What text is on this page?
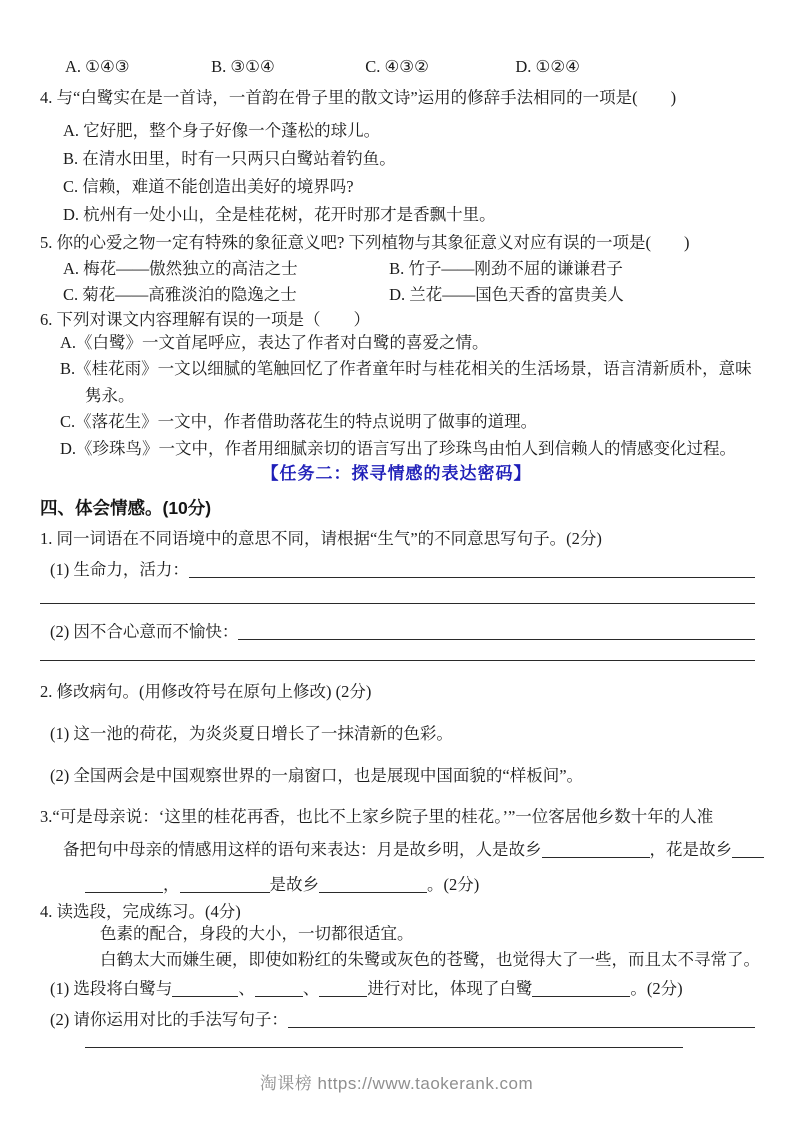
A. ①④③	B. ③①④	C. ④③②	D. ①②④
4. 与“白鹭实在是一首诗，一首韵在骨子里的散文诗”运用的修辞手法相同的一项是(　　)
A. 它好肥，整个身子好像一个蓬松的球儿。
B. 在清水田里，时有一只两只白鹭站着钓鱼。
C. 信赖，难道不能创造出美好的境界吗?
D. 杭州有一处小山，全是桂花树，花开时那才是香飘十里。
5. 你的心爱之物一定有特殊的象征意义吧? 下列植物与其象征意义对应有误的一项是(　　)
A. 梅花——傲然独立的高洁之士	B. 竹子——刚劲不屈的谦谦君子
C. 菊花——高雅淡泊的隐逸之士	D. 兰花——国色天香的富贵美人
6. 下列对课文内容理解有误的一项是（　　）
A.《白鹭》一文首尾呼应，表达了作者对白鹭的喜爱之情。
B.《桂花雨》一文以细腻的笔触回忆了作者童年时与桂花相关的生活场景，语言清新质朴，意味
隽永。
C.《落花生》一文中，作者借助落花生的特点说明了做事的道理。
D.《珍珠鸟》一文中，作者用细腻亲切的语言写出了珍珠鸟由怕人到信赖人的情感变化过程。
【任务二：探寻情感的表达密码】
四、体会情感。(10分)
1. 同一词语在不同语境中的意思不同，请根据“生气”的不同意思写句子。(2分)
(1) 生命力，活力：
(2) 因不合心意而不愉快：
2. 修改病句。(用修改符号在原句上修改) (2分)
(1) 这一池的荷花，为炎炎夏日增长了一抹清新的色彩。
(2) 全国两会是中国观察世界的一扇窗口，也是展现中国面貌的“样板间”。
3.“可是母亲说：‘这里的桂花再香，也比不上家乡院子里的桂花。’”一位客居他乡数十年的人准
备把句中母亲的情感用这样的语句来表达：月是故乡明，人是故乡	，花是故乡
，	是故乡	。(2分)
4. 读选段，完成练习。(4分)
色素的配合，身段的大小，一切都很适宜。
白鹤太大而嫌生硬，即使如粉红的朱鹭或灰色的苍鹭，也觉得大了一些，而且太不寻常了。
(1) 选段将白鹭与	、	、	进行对比，体现了白鹭	。(2分)
(2) 请你运用对比的手法写句子：
淘课榜 https://www.taokerank.com
